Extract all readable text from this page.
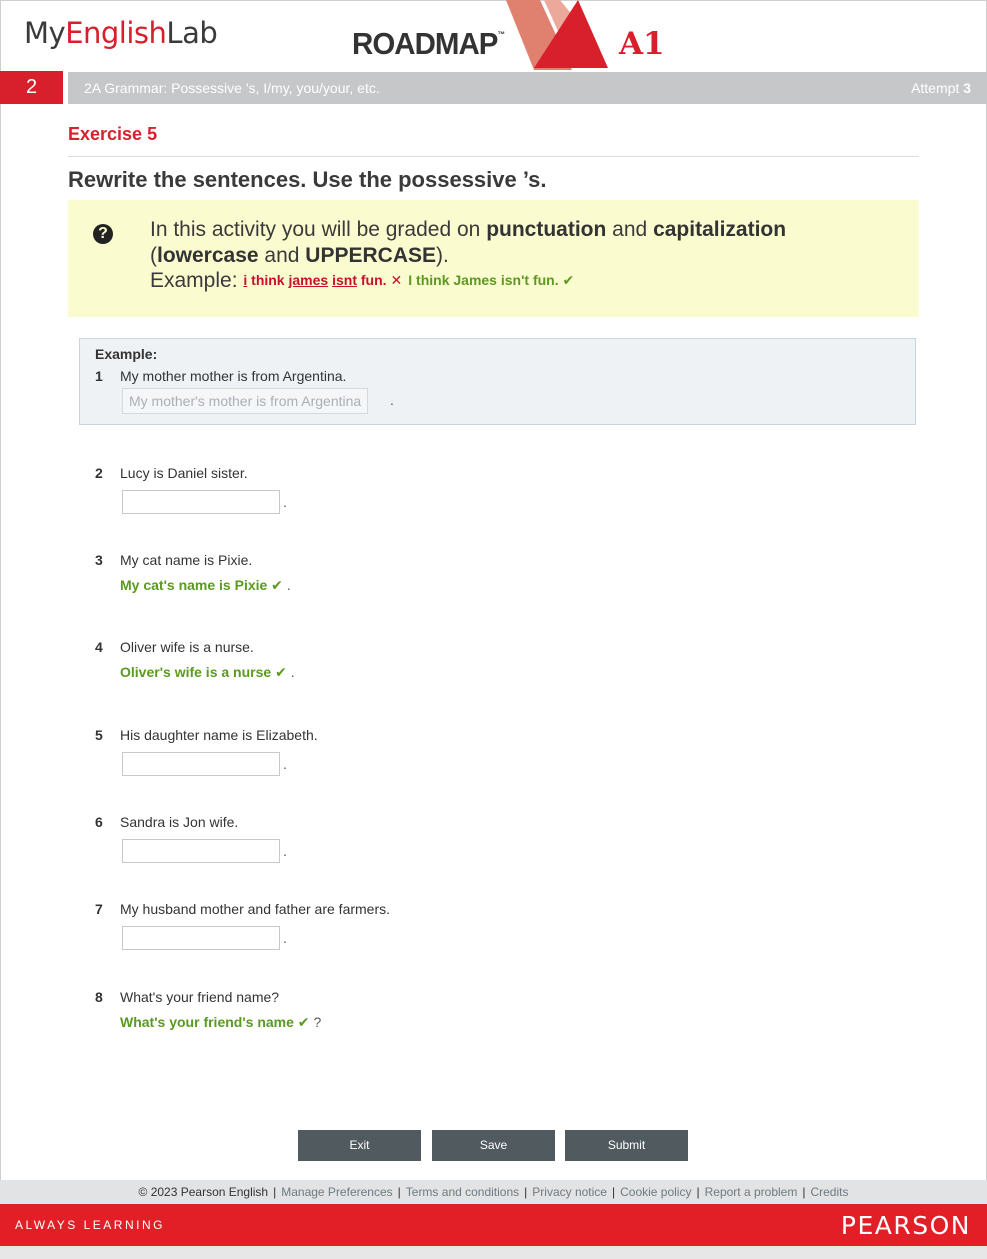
MyEnglishLab	ROADMAP™	A1
2	2A Grammar: Possessive 's, I/my, you/your, etc.	Attempt 3
Exercise 5
Rewrite the sentences. Use the possessive ’s.
? In this activity you will be graded on punctuation and capitalization
(lowercase and UPPERCASE).
Example: i think james isnt fun. ✕ I think James isn't fun. ✔
Example:
1 My mother mother is from Argentina.
My mother's mother is from Argentina	.
2 Lucy is Daniel sister.
.
3 My cat name is Pixie.
My cat's name is Pixie ✔ .
4 Oliver wife is a nurse.
Oliver's wife is a nurse ✔ .
5 His daughter name is Elizabeth.
.
6 Sandra is Jon wife.
.
7 My husband mother and father are farmers.
.
8 What's your friend name?
What's your friend's name ✔ ?
Exit	Save	Submit
© 2023 Pearson English | Manage Preferences | Terms and conditions | Privacy notice | Cookie policy | Report a problem | Credits
ALWAYS LEARNING	PEARSON
